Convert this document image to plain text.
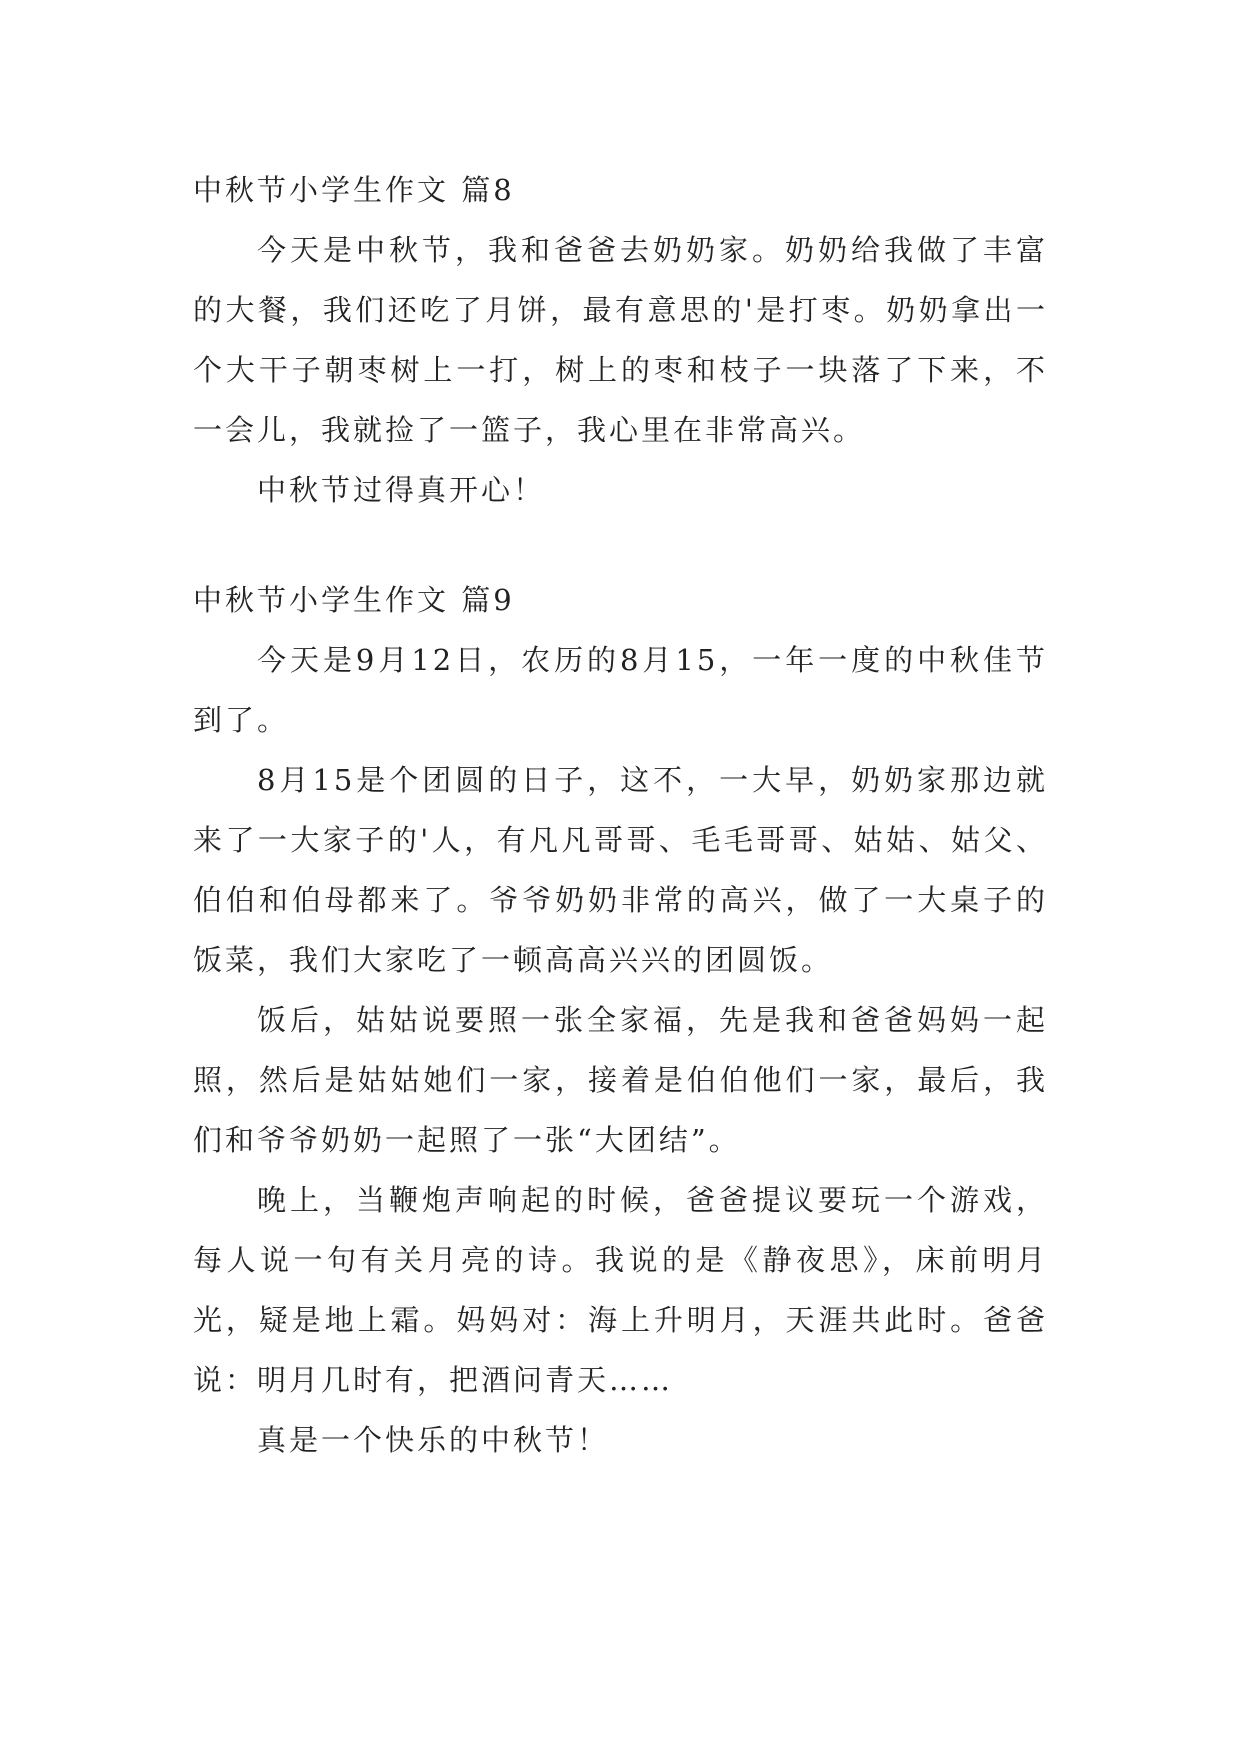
中秋节小学生作文 篇8

今天是中秋节，我和爸爸去奶奶家。奶奶给我做了丰富的大餐，我们还吃了月饼，最有意思的'是打枣。奶奶拿出一个大干子朝枣树上一打，树上的枣和枝子一块落了下来，不一会儿，我就捡了一篮子，我心里在非常高兴。

中秋节过得真开心！

中秋节小学生作文 篇9

今天是9月12日，农历的8月15，一年一度的中秋佳节到了。

8月15是个团圆的日子，这不，一大早，奶奶家那边就来了一大家子的'人，有凡凡哥哥、毛毛哥哥、姑姑、姑父、伯伯和伯母都来了。爷爷奶奶非常的高兴，做了一大桌子的饭菜，我们大家吃了一顿高高兴兴的团圆饭。

饭后，姑姑说要照一张全家福，先是我和爸爸妈妈一起照，然后是姑姑她们一家，接着是伯伯他们一家，最后，我们和爷爷奶奶一起照了一张“大团结”。

晚上，当鞭炮声响起的时候，爸爸提议要玩一个游戏，每人说一句有关月亮的诗。我说的是《静夜思》，床前明月光，疑是地上霜。妈妈对：海上升明月，天涯共此时。爸爸说：明月几时有，把酒问青天……

真是一个快乐的中秋节！
